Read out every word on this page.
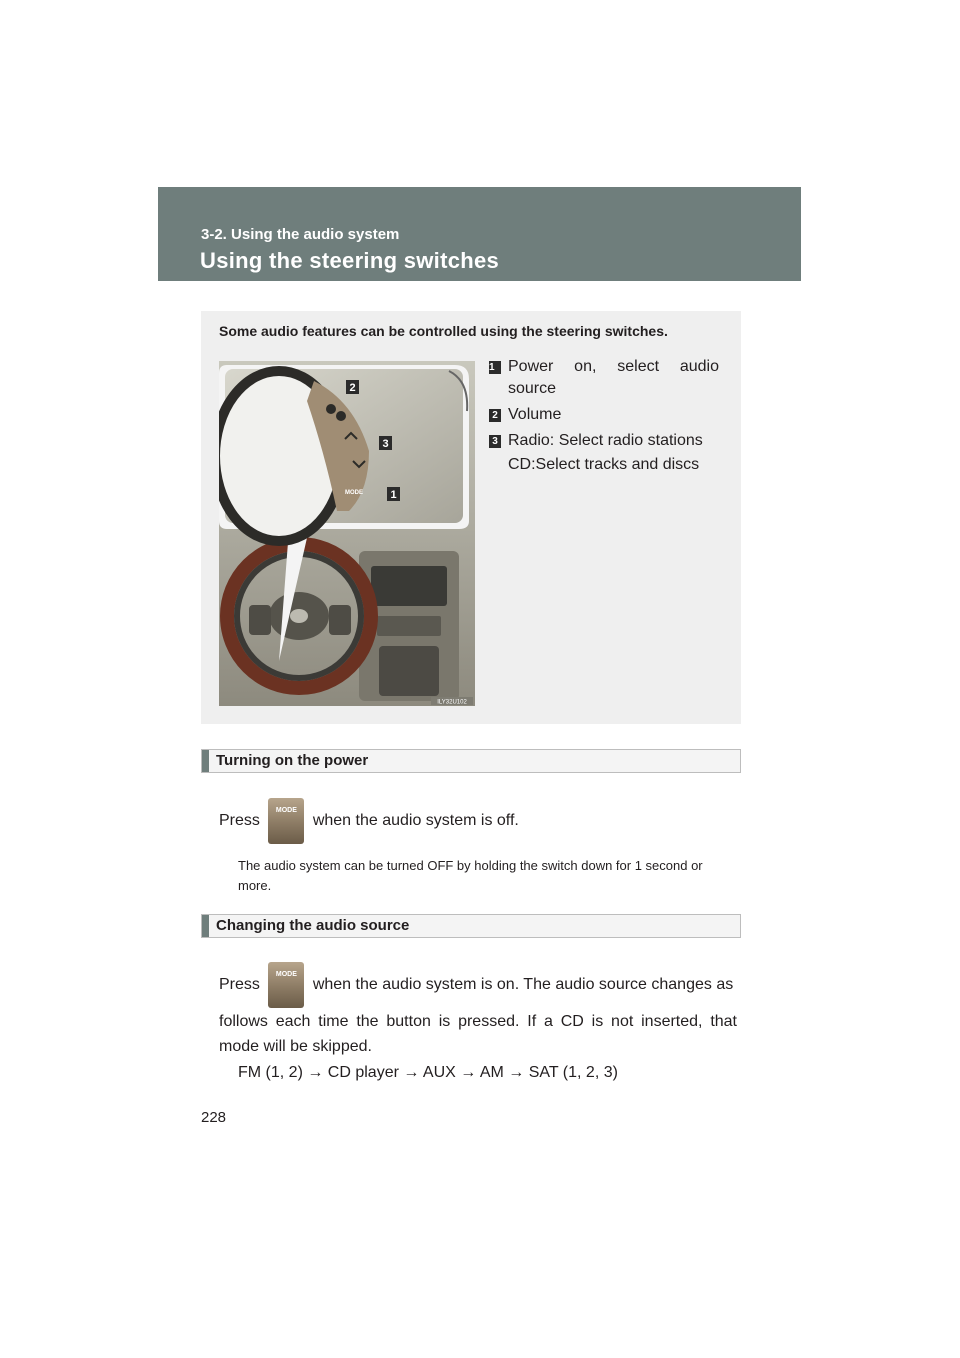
3-2. Using the audio system
Using the steering switches
Some audio features can be controlled using the steering switches.
MODE
2
3
1
ILY32U102
1 Power on, select audio source
2 Volume
3 Radio: Select radio stations
CD:Select tracks and discs
Turning on the power
Press
MODE
when the audio system is off.
The audio system can be turned OFF by holding the switch down for 1 second or more.
Changing the audio source
Press
MODE
when the audio system is on. The audio source changes as
follows each time the button is pressed. If a CD is not inserted, that mode will be skipped.
FM (1, 2) → CD player → AUX → AM → SAT (1, 2, 3)
228
